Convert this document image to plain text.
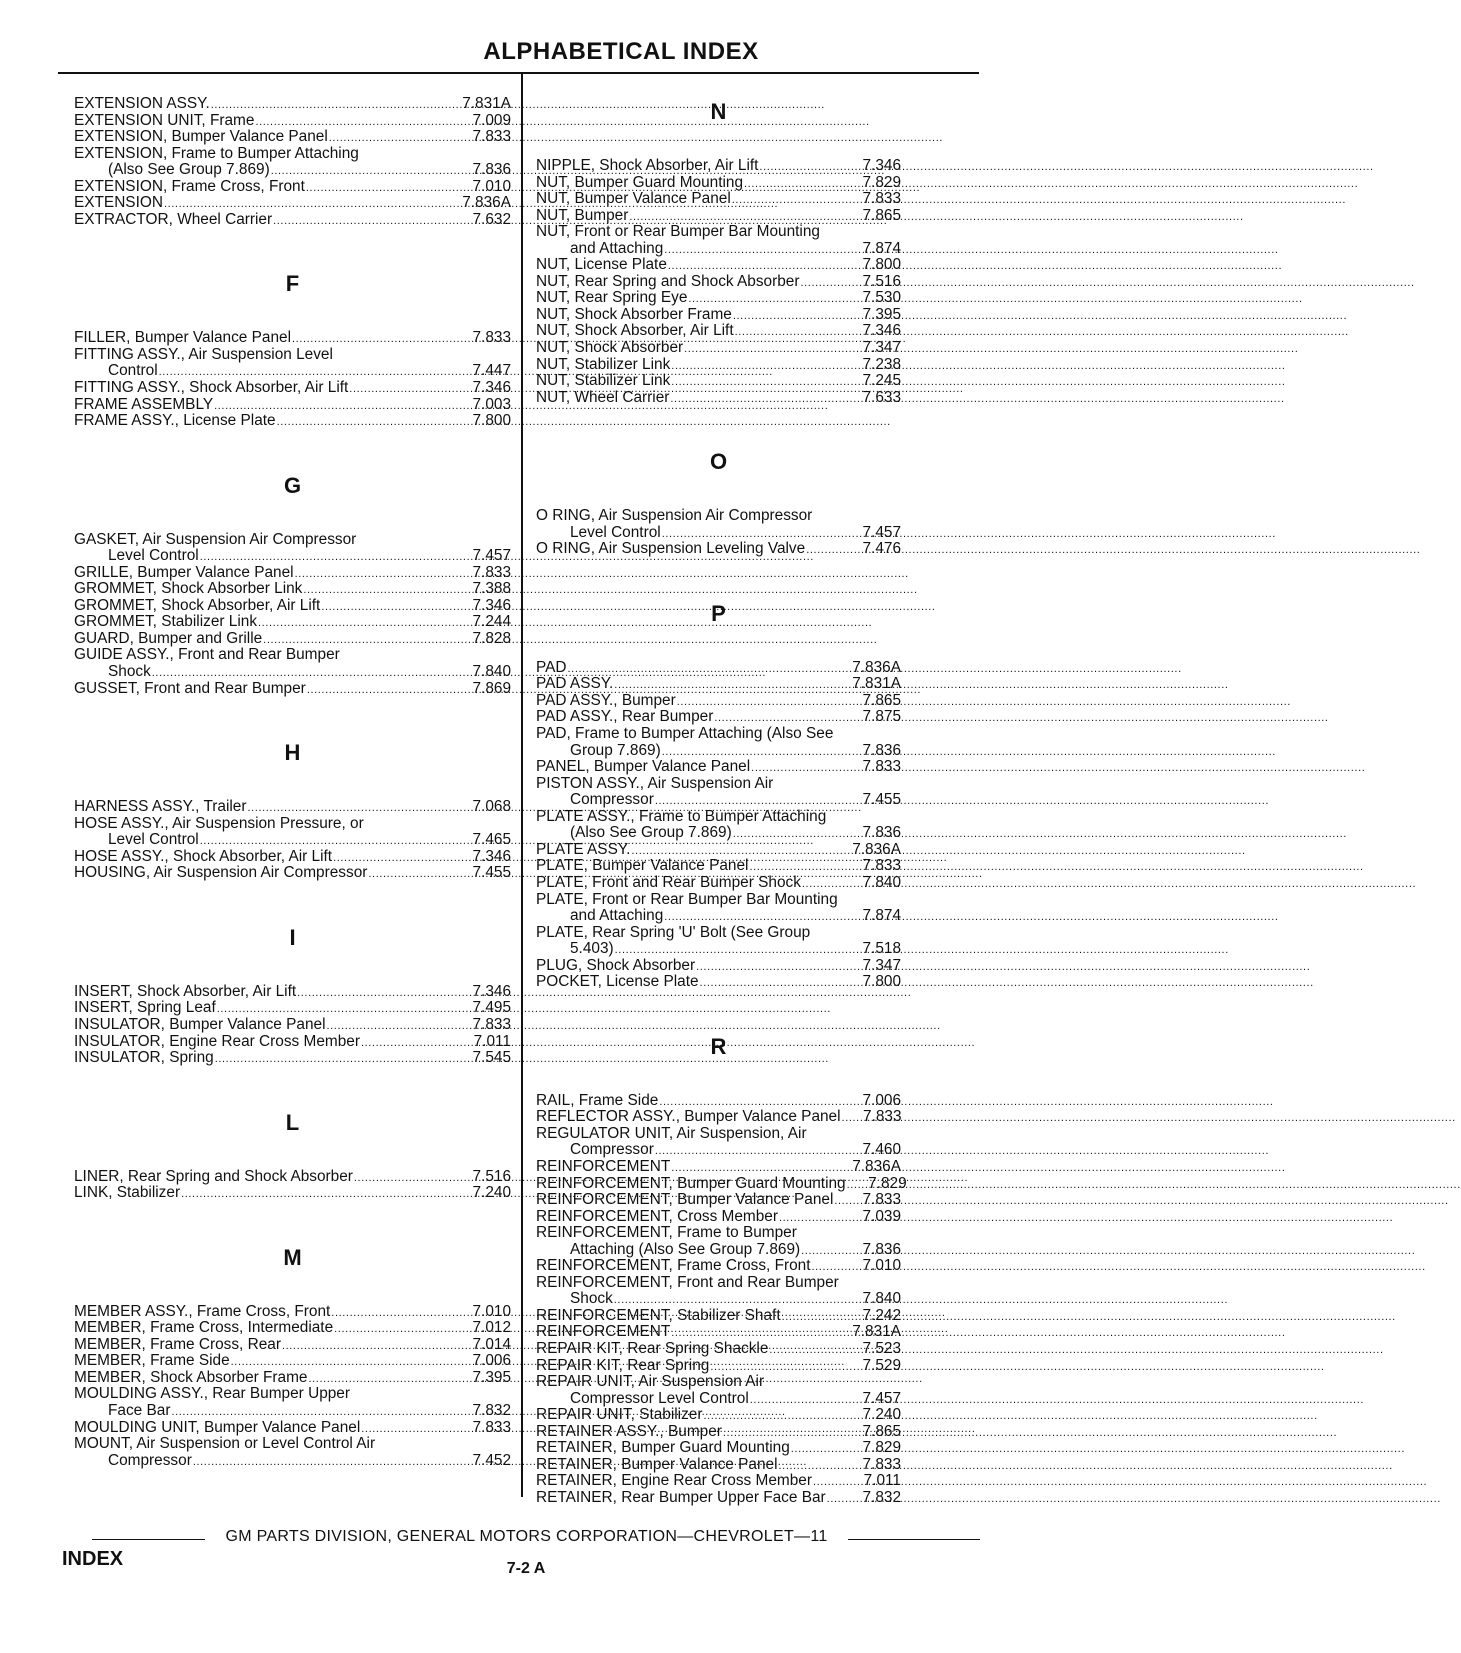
ALPHABETICAL INDEX
EXTENSION ASSY. .....	7.831A
EXTENSION UNIT, Frame .....	7.009
EXTENSION, Bumper Valance Panel .....	7.833
EXTENSION, Frame to Bumper Attaching
(Also See Group 7.869) .....	7.836
EXTENSION, Frame Cross, Front .....	7.010
EXTENSION .....	7.836A
EXTRACTOR, Wheel Carrier .....	7.632
F
FILLER, Bumper Valance Panel .....	7.833
FITTING ASSY., Air Suspension Level
Control .....	7.447
FITTING ASSY., Shock Absorber, Air Lift .....	7.346
FRAME ASSEMBLY .....	7.003
FRAME ASSY., License Plate .....	7.800
G
GASKET, Air Suspension Air Compressor
Level Control .....	7.457
GRILLE, Bumper Valance Panel .....	7.833
GROMMET, Shock Absorber Link .....	7.388
GROMMET, Shock Absorber, Air Lift .....	7.346
GROMMET, Stabilizer Link .....	7.244
GUARD, Bumper and Grille .....	7.828
GUIDE ASSY., Front and Rear Bumper
Shock .....	7.840
GUSSET, Front and Rear Bumper .....	7.869
H
HARNESS ASSY., Trailer .....	7.068
HOSE ASSY., Air Suspension Pressure, or
Level Control .....	7.465
HOSE ASSY., Shock Absorber, Air Lift .....	7.346
HOUSING, Air Suspension Air Compressor .....	7.455
I
INSERT, Shock Absorber, Air Lift .....	7.346
INSERT, Spring Leaf .....	7.495
INSULATOR, Bumper Valance Panel .....	7.833
INSULATOR, Engine Rear Cross Member .....	7.011
INSULATOR, Spring .....	7.545
L
LINER, Rear Spring and Shock Absorber .....	7.516
LINK, Stabilizer .....	7.240
M
MEMBER ASSY., Frame Cross, Front .....	7.010
MEMBER, Frame Cross, Intermediate .....	7.012
MEMBER, Frame Cross, Rear .....	7.014
MEMBER, Frame Side .....	7.006
MEMBER, Shock Absorber Frame .....	7.395
MOULDING ASSY., Rear Bumper Upper
Face Bar .....	7.832
MOULDING UNIT, Bumper Valance Panel .....	7.833
MOUNT, Air Suspension or Level Control Air
Compressor .....	7.452
N
NIPPLE, Shock Absorber, Air Lift .....	7.346
NUT, Bumper Guard Mounting .....	7.829
NUT, Bumper Valance Panel .....	7.833
NUT, Bumper .....	7.865
NUT, Front or Rear Bumper Bar Mounting
and Attaching .....	7.874
NUT, License Plate .....	7.800
NUT, Rear Spring and Shock Absorber .....	7.516
NUT, Rear Spring Eye .....	7.530
NUT, Shock Absorber Frame .....	7.395
NUT, Shock Absorber, Air Lift .....	7.346
NUT, Shock Absorber .....	7.347
NUT, Stabilizer Link .....	7.238
NUT, Stabilizer Link .....	7.245
NUT, Wheel Carrier .....	7.633
O
O RING, Air Suspension Air Compressor
Level Control .....	7.457
O RING, Air Suspension Leveling Valve .....	7.476
P
PAD .....	7.836A
PAD ASSY. .....	7.831A
PAD ASSY., Bumper .....	7.865
PAD ASSY., Rear Bumper .....	7.875
PAD, Frame to Bumper Attaching (Also See
Group 7.869) .....	7.836
PANEL, Bumper Valance Panel .....	7.833
PISTON ASSY., Air Suspension Air
Compressor .....	7.455
PLATE ASSY., Frame to Bumper Attaching
(Also See Group 7.869) .....	7.836
PLATE ASSY. .....	7.836A
PLATE, Bumper Valance Panel .....	7.833
PLATE, Front and Rear Bumper Shock .....	7.840
PLATE, Front or Rear Bumper Bar Mounting
and Attaching .....	7.874
PLATE, Rear Spring 'U' Bolt (See Group
5.403) .....	7.518
PLUG, Shock Absorber .....	7.347
POCKET, License Plate .....	7.800
R
RAIL, Frame Side .....	7.006
REFLECTOR ASSY., Bumper Valance Panel .....	7.833
REGULATOR UNIT, Air Suspension, Air
Compressor .....	7.460
REINFORCEMENT .....	7.836A
REINFORCEMENT, Bumper Guard Mounting .....	7.829
REINFORCEMENT, Bumper Valance Panel .....	7.833
REINFORCEMENT, Cross Member .....	7.039
REINFORCEMENT, Frame to Bumper
Attaching (Also See Group 7.869) .....	7.836
REINFORCEMENT, Frame Cross, Front .....	7.010
REINFORCEMENT, Front and Rear Bumper
Shock .....	7.840
REINFORCEMENT, Stabilizer Shaft .....	7.242
REINFORCEMENT .....	7.831A
REPAIR KIT, Rear Spring Shackle .....	7.523
REPAIR KIT, Rear Spring .....	7.529
REPAIR UNIT, Air Suspension Air
Compressor Level Control .....	7.457
REPAIR UNIT, Stabilizer .....	7.240
RETAINER ASSY., Bumper .....	7.865
RETAINER, Bumper Guard Mounting .....	7.829
RETAINER, Bumper Valance Panel .....	7.833
RETAINER, Engine Rear Cross Member .....	7.011
RETAINER, Rear Bumper Upper Face Bar .....	7.832
GM PARTS DIVISION, GENERAL MOTORS CORPORATION—CHEVROLET—11
INDEX	7-2 A
